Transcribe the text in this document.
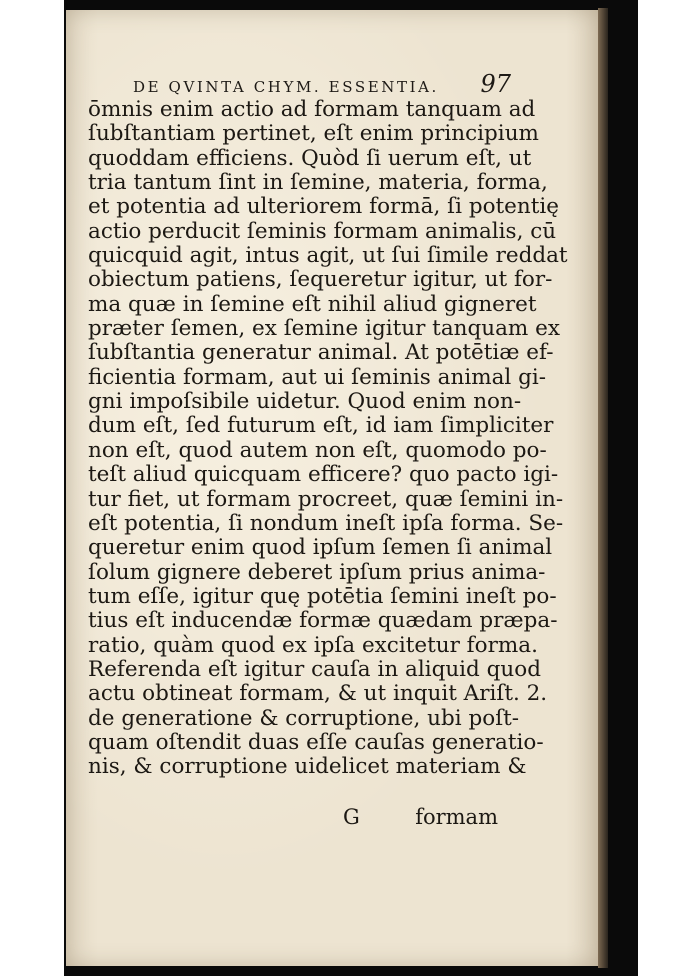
DE QVINTA CHYM. ESSENTIA. 97
ōmnis enim actio ad formam tanquam ad
ſubſtantiam pertinet, eſt enim principium
quoddam efficiens. Quòd ſi uerum eſt, ut
tria tantum ſint in ſemine, materia, forma,
et potentia ad ulteriorem formā, ſi potentię
actio perducit ſeminis formam animalis, cū
quicquid agit, intus agit, ut ſui ſimile reddat
obiectum patiens, ſequeretur igitur, ut for-
ma quæ in ſemine eſt nihil aliud gigneret
præter ſemen, ex ſemine igitur tanquam ex
ſubſtantia generatur animal. At potētiæ ef-
ficientia formam, aut ui ſeminis animal gi-
gni impoſsibile uidetur. Quod enim non-
dum eſt, ſed futurum eſt, id iam ſimpliciter
non eſt, quod autem non eſt, quomodo po-
teſt aliud quicquam efficere? quo pacto igi-
tur fiet, ut formam procreet, quæ ſemini in-
eſt potentia, ſi nondum ineſt ipſa forma. Se-
queretur enim quod ipſum ſemen ſi animal
ſolum gignere deberet ipſum prius anima-
tum eſſe, igitur quę potētia ſemini ineſt po-
tius eſt inducendæ formæ quædam præpa-
ratio, quàm quod ex ipſa excitetur forma.
Referenda eſt igitur cauſa in aliquid quod
actu obtineat formam, & ut inquit Ariſt. 2.
de generatione & corruptione, ubi poſt-
quam oſtendit duas eſſe cauſas generatio-
nis, & corruptione uidelicet materiam &
G	formam
